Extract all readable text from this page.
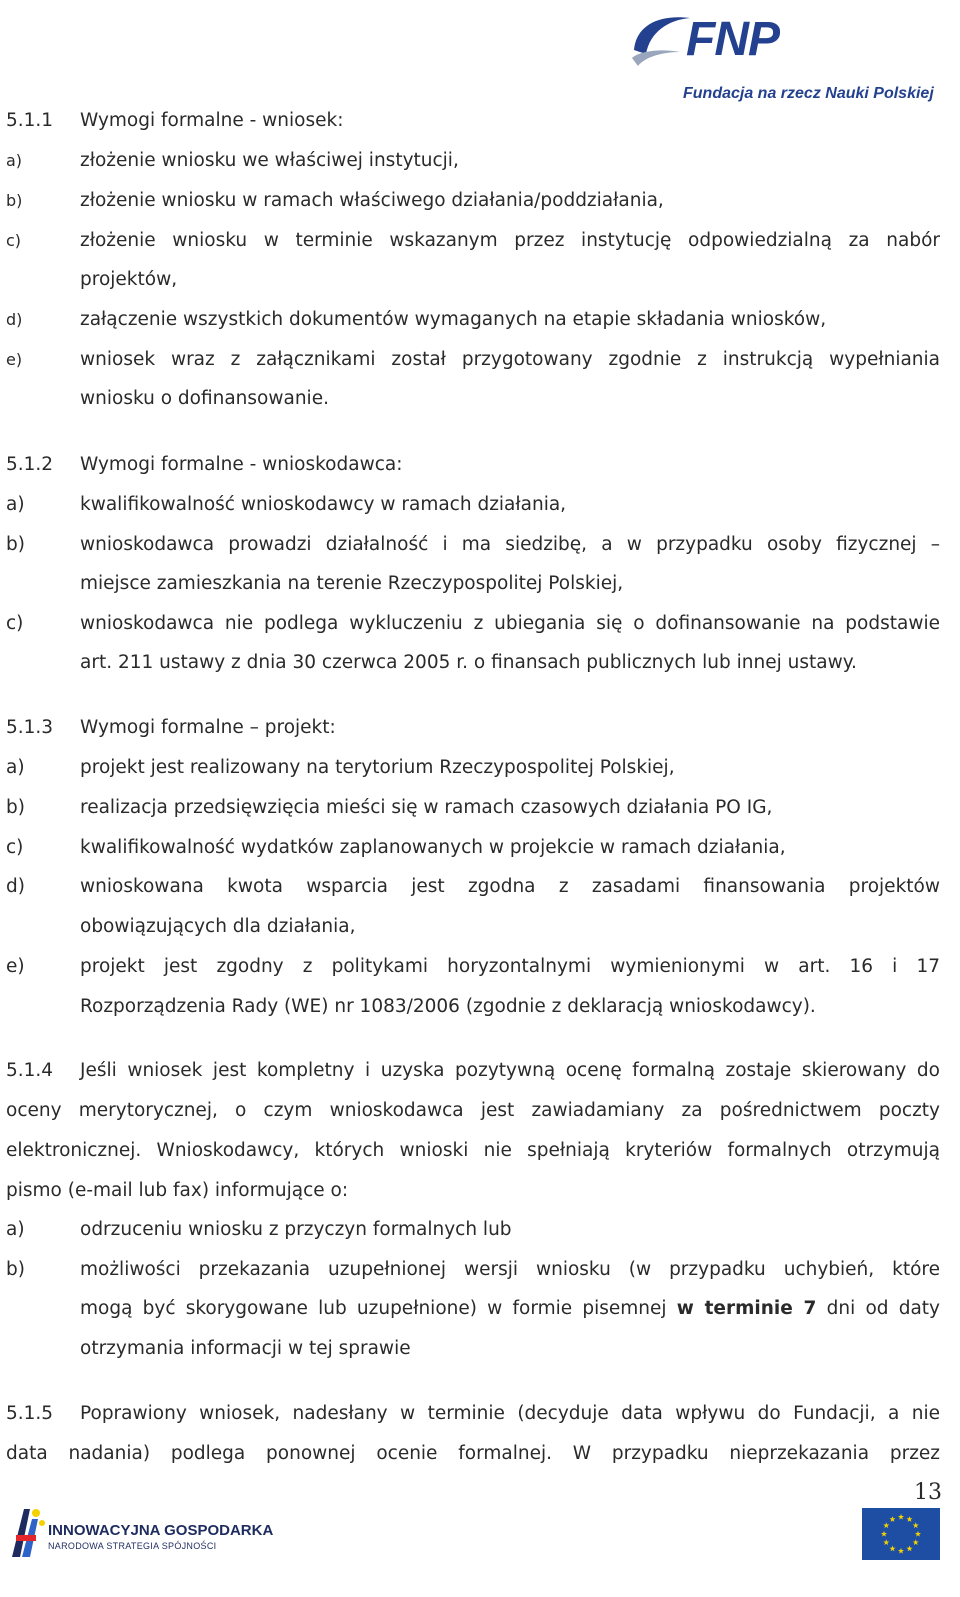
FNP
Fundacja na rzecz Nauki Polskiej
5.1.1 Wymogi formalne - wniosek:
a)	złożenie wniosku we właściwej instytucji,
b)	złożenie wniosku w ramach właściwego działania/poddziałania,
c)	złożenie wniosku w terminie wskazanym przez instytucję odpowiedzialną za nabór
projektów,
d)	załączenie wszystkich dokumentów wymaganych na etapie składania wniosków,
e)	wniosek wraz z załącznikami został przygotowany zgodnie z instrukcją wypełniania
wniosku o dofinansowanie.
5.1.2 Wymogi formalne - wnioskodawca:
a)	kwalifikowalność wnioskodawcy w ramach działania,
b)	wnioskodawca prowadzi działalność i ma siedzibę, a w przypadku osoby fizycznej –
miejsce zamieszkania na terenie Rzeczypospolitej Polskiej,
c)	wnioskodawca nie podlega wykluczeniu z ubiegania się o dofinansowanie na podstawie
art. 211 ustawy z dnia 30 czerwca 2005 r. o finansach publicznych lub innej ustawy.
5.1.3 Wymogi formalne – projekt:
a)	projekt jest realizowany na terytorium Rzeczypospolitej Polskiej,
b)	realizacja przedsięwzięcia mieści się w ramach czasowych działania PO IG,
c)	kwalifikowalność wydatków zaplanowanych w projekcie w ramach działania,
d)	wnioskowana kwota wsparcia jest zgodna z zasadami finansowania projektów
obowiązujących dla działania,
e)	projekt jest zgodny z politykami horyzontalnymi wymienionymi w art. 16 i 17
Rozporządzenia Rady (WE) nr 1083/2006 (zgodnie z deklaracją wnioskodawcy).
5.1.4 Jeśli wniosek jest kompletny i uzyska pozytywną ocenę formalną zostaje skierowany do
oceny merytorycznej, o czym wnioskodawca jest zawiadamiany za pośrednictwem poczty
elektronicznej. Wnioskodawcy, których wnioski nie spełniają kryteriów formalnych otrzymują
pismo (e-mail lub fax) informujące o:
a)	odrzuceniu wniosku z przyczyn formalnych lub
b)	możliwości przekazania uzupełnionej wersji wniosku (w przypadku uchybień, które
mogą być skorygowane lub uzupełnione) w formie pisemnej w terminie 7 dni od daty
otrzymania informacji w tej sprawie
5.1.5 Poprawiony wniosek, nadesłany w terminie (decyduje data wpływu do Fundacji, a nie
data nadania) podlega ponownej ocenie formalnej. W przypadku nieprzekazania przez
13
INNOWACYJNA GOSPODARKA
NARODOWA STRATEGIA SPÓJNOŚCI
